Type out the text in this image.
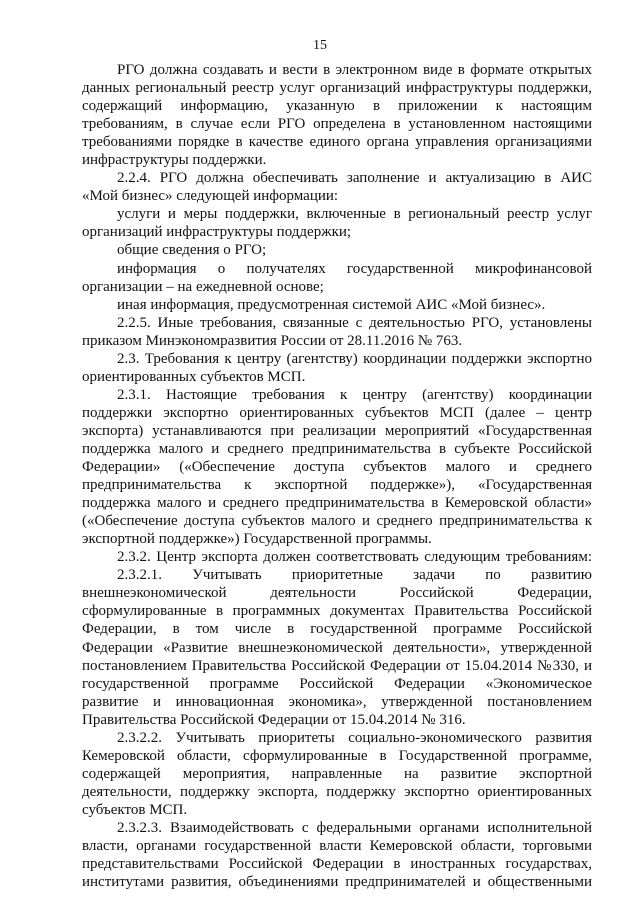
15
РГО должна создавать и вести в электронном виде в формате открытых
данных региональный реестр услуг организаций инфраструктуры поддержки,
содержащий информацию, указанную в приложении к настоящим
требованиям, в случае если РГО определена в установленном настоящими
требованиями порядке в качестве единого органа управления организациями
инфраструктуры поддержки.
2.2.4. РГО должна обеспечивать заполнение и актуализацию в АИС
«Мой бизнес» следующей информации:
услуги и меры поддержки, включенные в региональный реестр услуг
организаций инфраструктуры поддержки;
общие сведения о РГО;
информация о получателях государственной микрофинансовой
организации – на ежедневной основе;
иная информация, предусмотренная системой АИС «Мой бизнес».
2.2.5. Иные требования, связанные с деятельностью РГО, установлены
приказом Минэкономразвития России от 28.11.2016 № 763.
2.3. Требования к центру (агентству) координации поддержки экспортно
ориентированных субъектов МСП.
2.3.1. Настоящие требования к центру (агентству) координации
поддержки экспортно ориентированных субъектов МСП (далее – центр
экспорта) устанавливаются при реализации мероприятий «Государственная
поддержка малого и среднего предпринимательства в субъекте Российской
Федерации» («Обеспечение доступа субъектов малого и среднего
предпринимательства к экспортной поддержке»), «Государственная
поддержка малого и среднего предпринимательства в Кемеровской области»
(«Обеспечение доступа субъектов малого и среднего предпринимательства к
экспортной поддержке») Государственной программы.
2.3.2. Центр экспорта должен соответствовать следующим требованиям:
2.3.2.1. Учитывать приоритетные задачи по развитию
внешнеэкономической деятельности Российской Федерации,
сформулированные в программных документах Правительства Российской
Федерации, в том числе в государственной программе Российской
Федерации «Развитие внешнеэкономической деятельности», утвержденной
постановлением Правительства Российской Федерации от 15.04.2014 №330, и
государственной программе Российской Федерации «Экономическое
развитие и инновационная экономика», утвержденной постановлением
Правительства Российской Федерации от 15.04.2014 № 316.
2.3.2.2. Учитывать приоритеты социально-экономического развития
Кемеровской области, сформулированные в Государственной программе,
содержащей мероприятия, направленные на развитие экспортной
деятельности, поддержку экспорта, поддержку экспортно ориентированных
субъектов МСП.
2.3.2.3. Взаимодействовать с федеральными органами исполнительной
власти, органами государственной власти Кемеровской области, торговыми
представительствами Российской Федерации в иностранных государствах,
институтами развития, объединениями предпринимателей и общественными
